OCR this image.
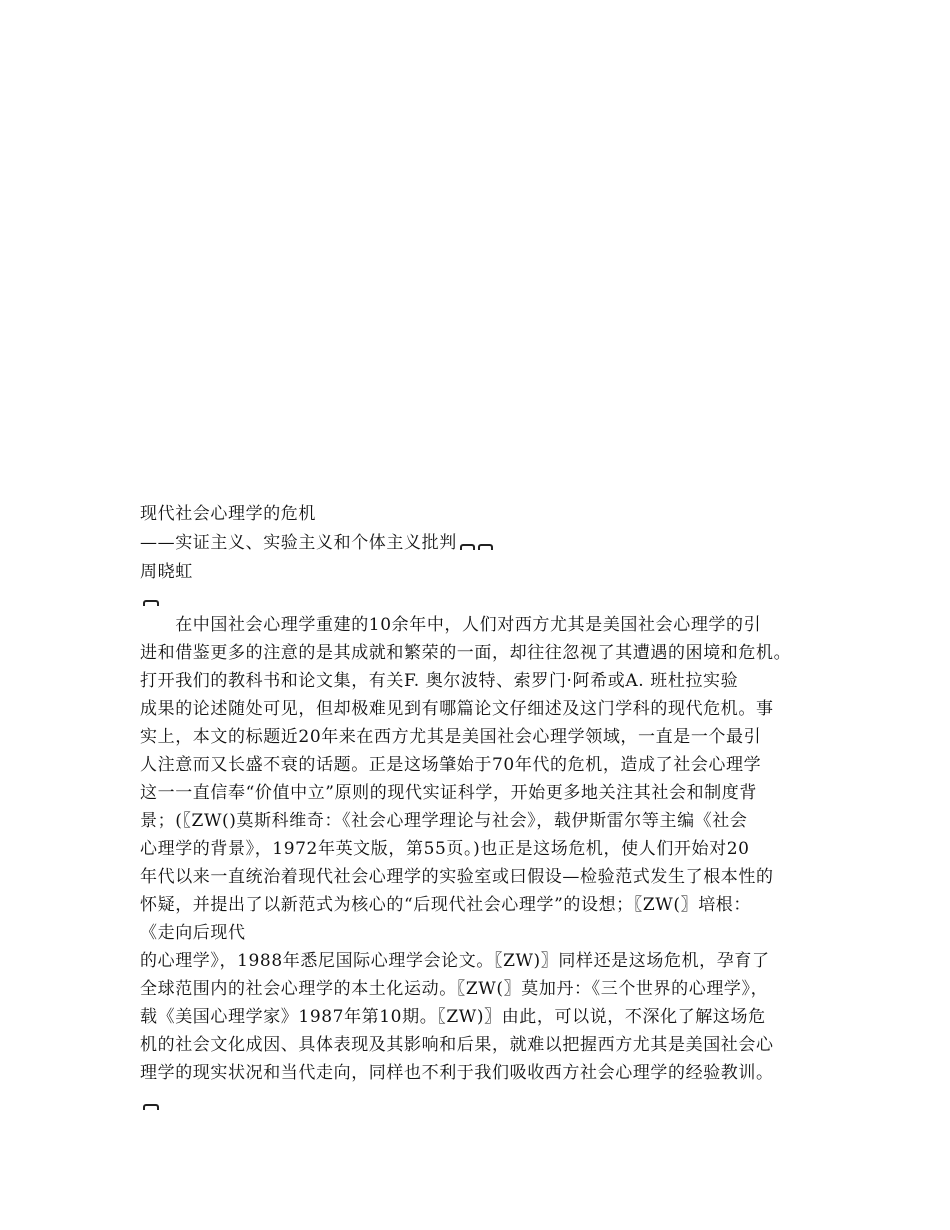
现代社会心理学的危机
——实证主义、实验主义和个体主义批判
周晓虹
　　在中国社会心理学重建的10余年中，人们对西方尤其是美国社会心理学的引
进和借鉴更多的注意的是其成就和繁荣的一面，却往往忽视了其遭遇的困境和危机。
打开我们的教科书和论文集，有关F. 奥尔波特、索罗门·阿希或A. 班杜拉实验
成果的论述随处可见，但却极难见到有哪篇论文仔细述及这门学科的现代危机。事
实上，本文的标题近20年来在西方尤其是美国社会心理学领域，一直是一个最引
人注意而又长盛不衰的话题。正是这场肇始于70年代的危机，造成了社会心理学
这一一直信奉“价值中立”原则的现代实证科学，开始更多地关注其社会和制度背
景；(〖ZW()莫斯科维奇：《社会心理学理论与社会》，载伊斯雷尔等主编《社会
心理学的背景》，1972年英文版，第55页。)也正是这场危机，使人们开始对20
年代以来一直统治着现代社会心理学的实验室或曰假设—检验范式发生了根本性的
怀疑，并提出了以新范式为核心的“后现代社会心理学”的设想；〖ZW(〗培根：
《走向后现代
的心理学》，1988年悉尼国际心理学会论文。〖ZW)〗同样还是这场危机，孕育了
全球范围内的社会心理学的本土化运动。〖ZW(〗莫加丹：《三个世界的心理学》，
载《美国心理学家》1987年第10期。〖ZW)〗由此，可以说，不深化了解这场危
机的社会文化成因、具体表现及其影响和后果，就难以把握西方尤其是美国社会心
理学的现实状况和当代走向，同样也不利于我们吸收西方社会心理学的经验教训。
